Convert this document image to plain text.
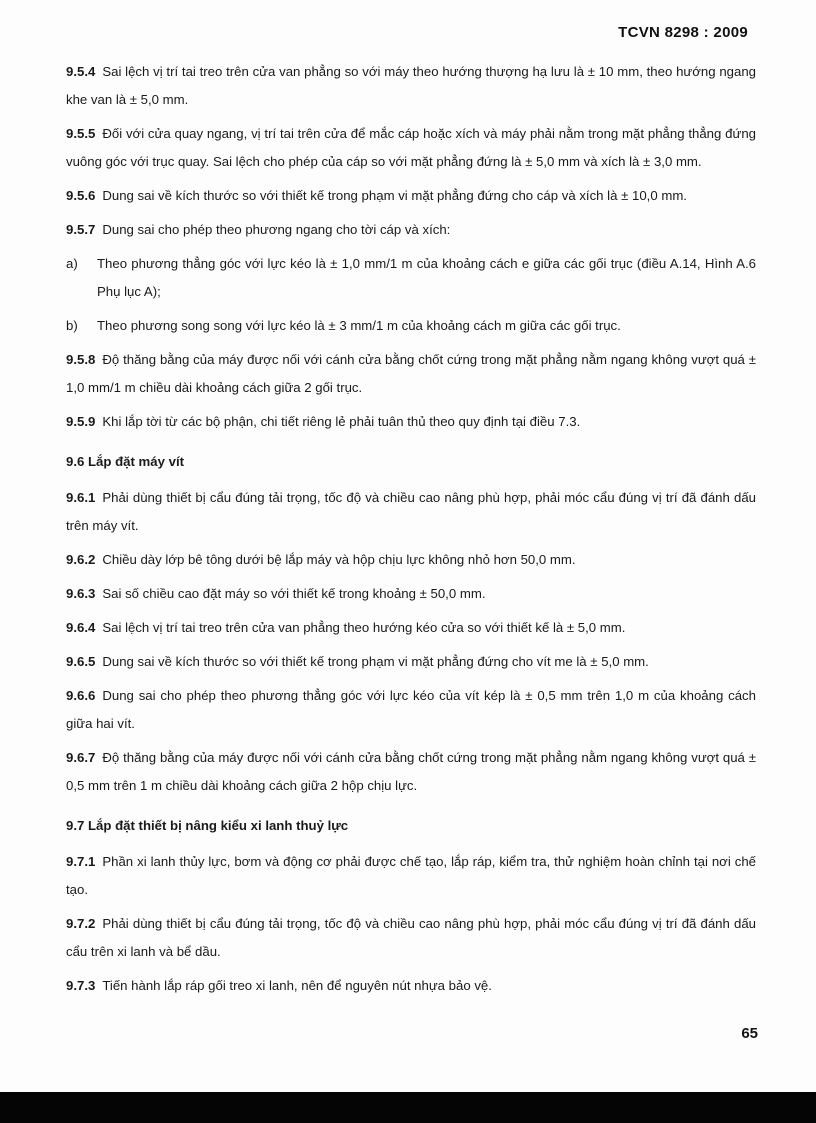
TCVN 8298 : 2009

9.5.4 Sai lệch vị trí tai treo trên cửa van phẳng so với máy theo hướng thượng hạ lưu là ± 10 mm, theo hướng ngang khe van là ± 5,0 mm.

9.5.5 Đối với cửa quay ngang, vị trí tai trên cửa để mắc cáp hoặc xích và máy phải nằm trong mặt phẳng thẳng đứng vuông góc với trục quay. Sai lệch cho phép của cáp so với mặt phẳng đứng là ± 5,0 mm và xích là ± 3,0 mm.

9.5.6 Dung sai về kích thước so với thiết kế trong phạm vi mặt phẳng đứng cho cáp và xích là ± 10,0 mm.

9.5.7 Dung sai cho phép theo phương ngang cho tời cáp và xích:

a)	Theo phương thẳng góc với lực kéo là ± 1,0 mm/1 m của khoảng cách e giữa các gối trục (điều A.14, Hình A.6 Phụ lục A);
b)	Theo phương song song với lực kéo là ± 3 mm/1 m của khoảng cách m giữa các gối trục.

9.5.8 Độ thăng bằng của máy được nối với cánh cửa bằng chốt cứng trong mặt phẳng nằm ngang không vượt quá ± 1,0 mm/1 m chiều dài khoảng cách giữa 2 gối trục.

9.5.9 Khi lắp tời từ các bộ phận, chi tiết riêng lẻ phải tuân thủ theo quy định tại điều 7.3.

9.6 Lắp đặt máy vít

9.6.1 Phải dùng thiết bị cẩu đúng tải trọng, tốc độ và chiều cao nâng phù hợp, phải móc cẩu đúng vị trí đã đánh dấu trên máy vít.

9.6.2 Chiều dày lớp bê tông dưới bệ lắp máy và hộp chịu lực không nhỏ hơn 50,0 mm.

9.6.3 Sai số chiều cao đặt máy so với thiết kế trong khoảng ± 50,0 mm.

9.6.4 Sai lệch vị trí tai treo trên cửa van phẳng theo hướng kéo cửa so với thiết kế là ± 5,0 mm.

9.6.5 Dung sai về kích thước so với thiết kế trong phạm vi mặt phẳng đứng cho vít me là ± 5,0 mm.

9.6.6 Dung sai cho phép theo phương thẳng góc với lực kéo của vít kép là ± 0,5 mm trên 1,0 m của khoảng cách giữa hai vít.

9.6.7 Độ thăng bằng của máy được nối với cánh cửa bằng chốt cứng trong mặt phẳng nằm ngang không vượt quá ± 0,5 mm trên 1 m chiều dài khoảng cách giữa 2 hộp chịu lực.

9.7 Lắp đặt thiết bị nâng kiểu xi lanh thuỷ lực

9.7.1 Phần xi lanh thủy lực, bơm và động cơ phải được chế tạo, lắp ráp, kiểm tra, thử nghiệm hoàn chỉnh tại nơi chế tạo.

9.7.2 Phải dùng thiết bị cẩu đúng tải trọng, tốc độ và chiều cao nâng phù hợp, phải móc cẩu đúng vị trí đã đánh dấu cẩu trên xi lanh và bể dầu.

9.7.3 Tiến hành lắp ráp gối treo xi lanh, nên để nguyên nút nhựa bảo vệ.

65
